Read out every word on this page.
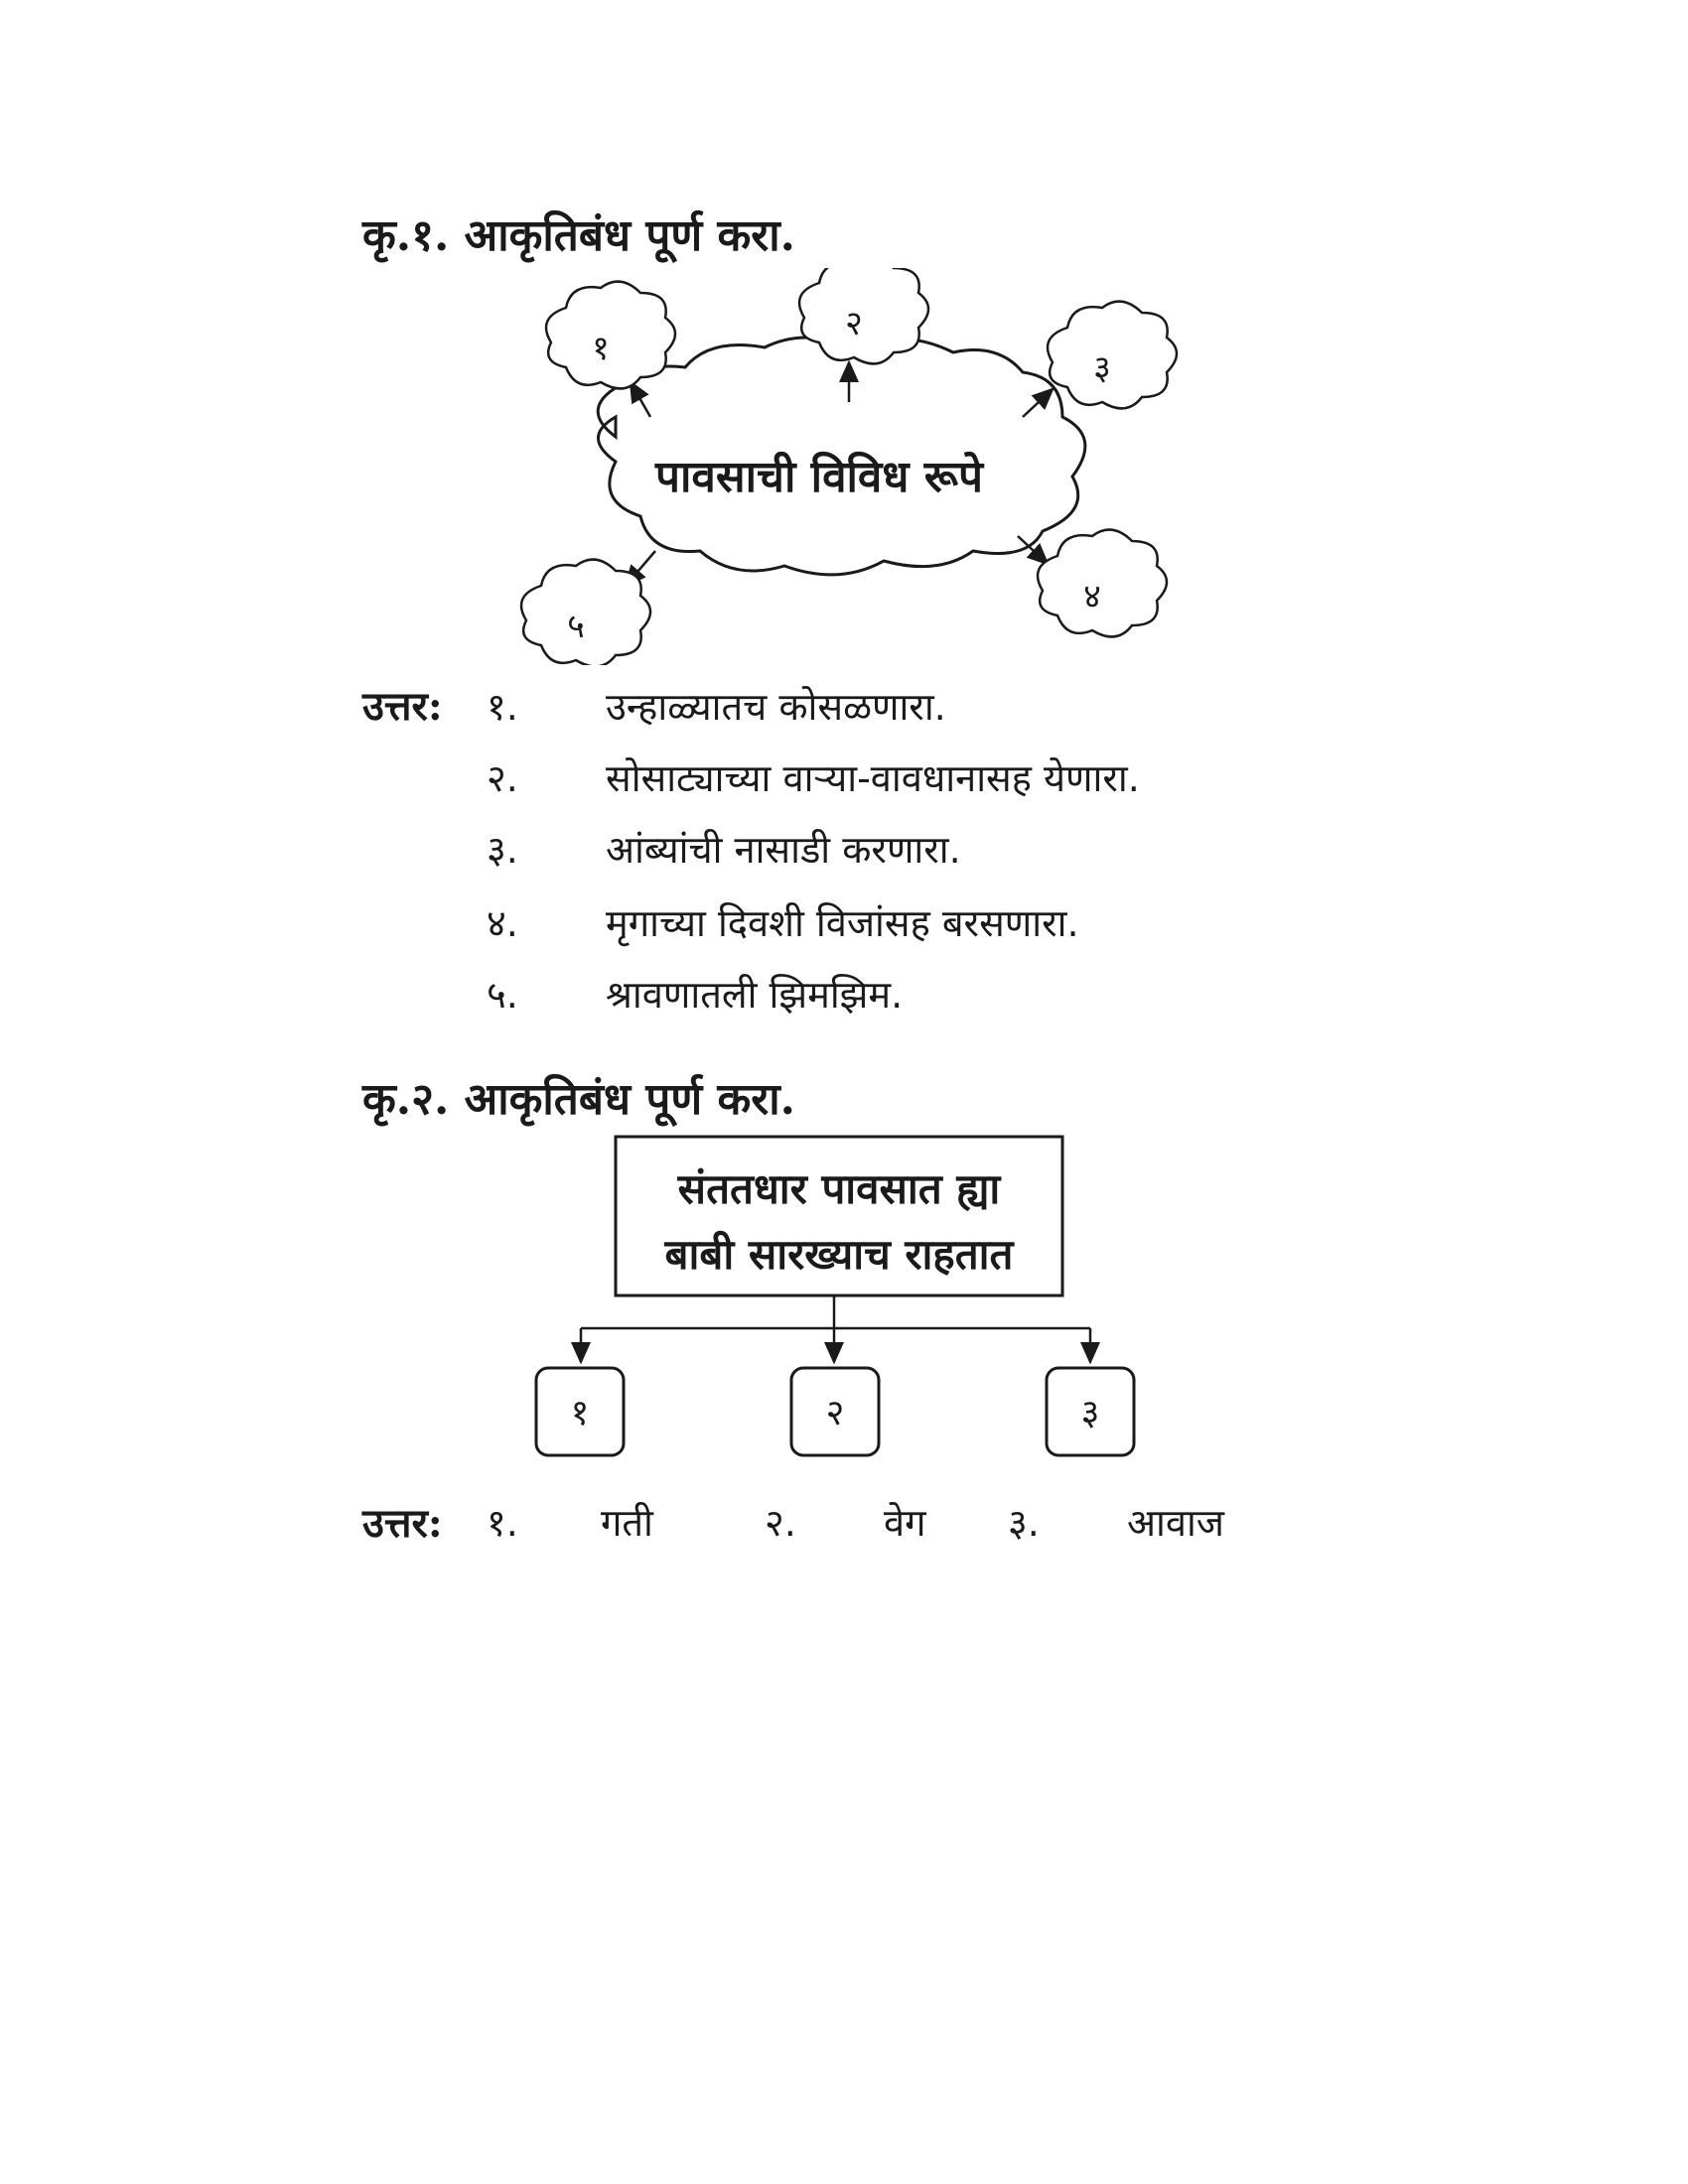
कृ.१. आकृतिबंध पूर्ण करा.
पावसाची विविध रूपे
१
२
३
४
५
उत्तर: १. उन्हाळ्यातच कोसळणारा.
२. सोसाट्याच्या वाऱ्या-वावधानासह येणारा.
३. आंब्यांची नासाडी करणारा.
४. मृगाच्या दिवशी विजांसह बरसणारा.
५. श्रावणातली झिमझिम.
कृ.२. आकृतिबंध पूर्ण करा.
संततधार पावसात ह्या
बाबी सारख्याच राहतात
१	२	३
उत्तर: १. गती	२. वेग ३. आवाज
